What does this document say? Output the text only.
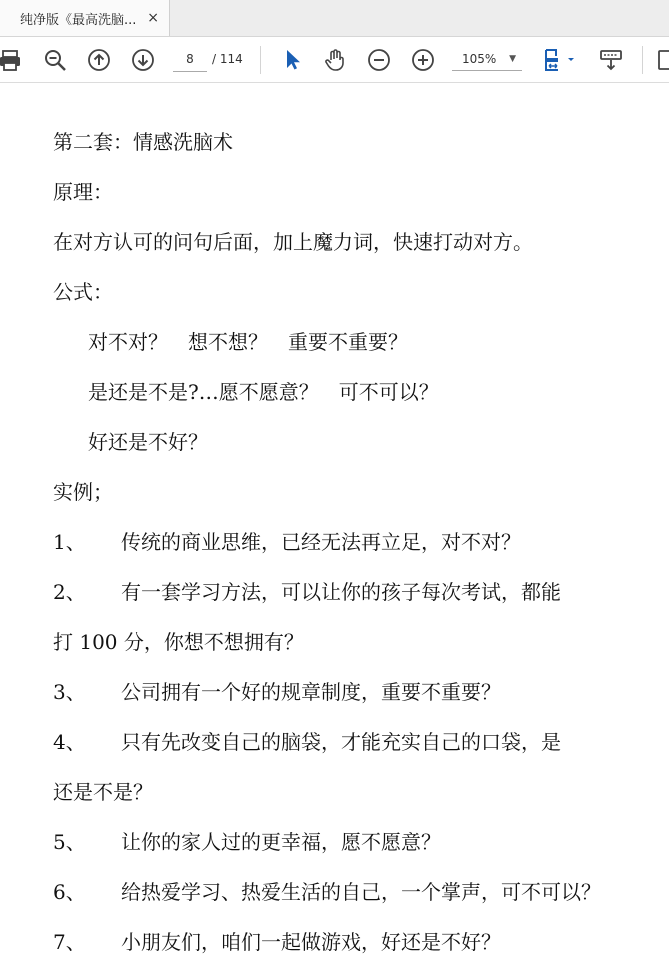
纯净版《最高洗脑... ×
8	/ 114	105% ▼
第二套：情感洗脑术
原理：
在对方认可的问句后面，加上魔力词，快速打动对方。
公式：
对不对？　想不想？　重要不重要？
是还是不是?…愿不愿意？　可不可以？
好还是不好？
实例；
1、 传统的商业思维，已经无法再立足，对不对？
2、 有一套学习方法，可以让你的孩子每次考试，都能
打 100 分，你想不想拥有？
3、 公司拥有一个好的规章制度，重要不重要？
4、 只有先改变自己的脑袋，才能充实自己的口袋，是
还是不是？
5、 让你的家人过的更幸福，愿不愿意？
6、 给热爱学习、热爱生活的自己，一个掌声，可不可以？
7、 小朋友们，咱们一起做游戏，好还是不好？
